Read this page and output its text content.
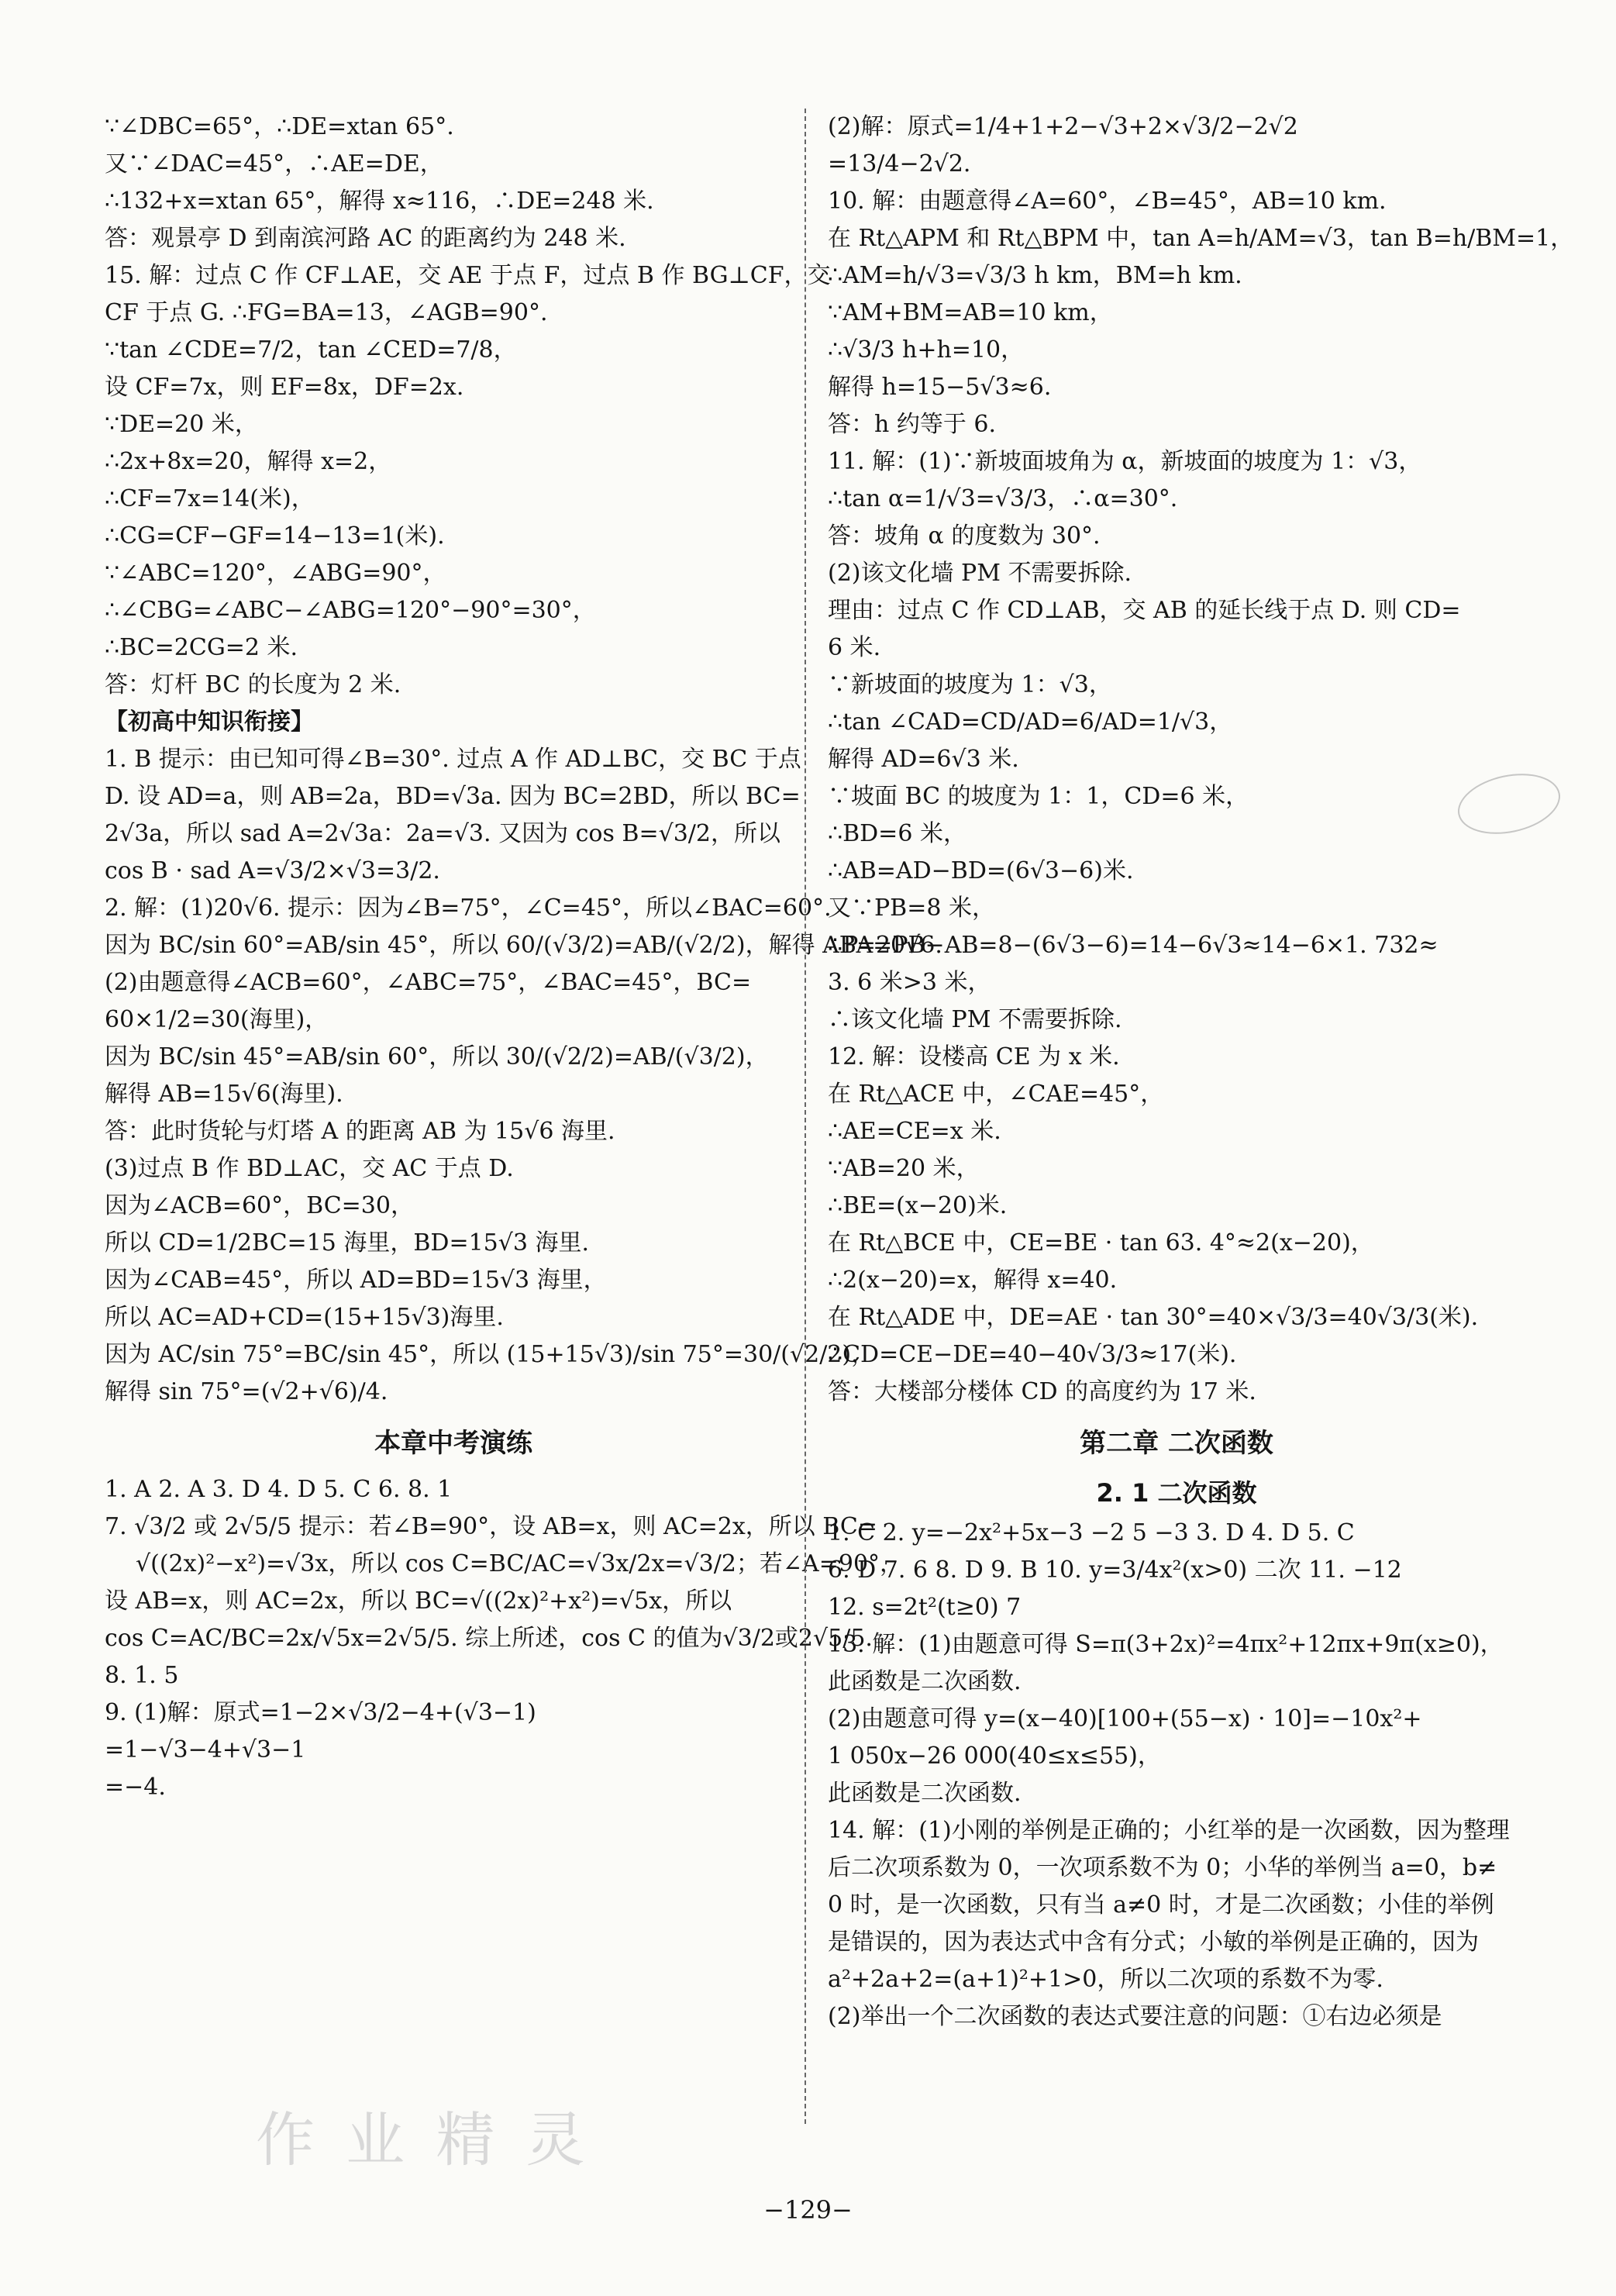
∵∠DBC=65°，∴DE=xtan 65°.
又∵∠DAC=45°，∴AE=DE，
∴132+x=xtan 65°，解得 x≈116，∴DE=248 米.
答：观景亭 D 到南滨河路 AC 的距离约为 248 米.
15. 解：过点 C 作 CF⊥AE，交 AE 于点 F，过点 B 作 BG⊥CF，交
CF 于点 G. ∴FG=BA=13，∠AGB=90°.
∵tan ∠CDE=7/2，tan ∠CED=7/8，
设 CF=7x，则 EF=8x，DF=2x.
∵DE=20 米，
∴2x+8x=20，解得 x=2，
∴CF=7x=14(米)，
∴CG=CF−GF=14−13=1(米).
∵∠ABC=120°，∠ABG=90°，
∴∠CBG=∠ABC−∠ABG=120°−90°=30°，
∴BC=2CG=2 米.
答：灯杆 BC 的长度为 2 米.
【初高中知识衔接】
1. B 提示：由已知可得∠B=30°. 过点 A 作 AD⊥BC，交 BC 于点
D. 设 AD=a，则 AB=2a，BD=√3a. 因为 BC=2BD，所以 BC=
2√3a，所以 sad A=2√3a：2a=√3. 又因为 cos B=√3/2，所以
cos B · sad A=√3/2×√3=3/2.
2. 解：(1)20√6. 提示：因为∠B=75°，∠C=45°，所以∠BAC=60°.
因为 BC/sin 60°=AB/sin 45°，所以 60/(√3/2)=AB/(√2/2)，解得 AB=20√6.
(2)由题意得∠ACB=60°，∠ABC=75°，∠BAC=45°，BC=
60×1/2=30(海里)，
因为 BC/sin 45°=AB/sin 60°，所以 30/(√2/2)=AB/(√3/2)，
解得 AB=15√6(海里).
答：此时货轮与灯塔 A 的距离 AB 为 15√6 海里.
(3)过点 B 作 BD⊥AC，交 AC 于点 D.
因为∠ACB=60°，BC=30，
所以 CD=1/2BC=15 海里，BD=15√3 海里.
因为∠CAB=45°，所以 AD=BD=15√3 海里，
所以 AC=AD+CD=(15+15√3)海里.
因为 AC/sin 75°=BC/sin 45°，所以 (15+15√3)/sin 75°=30/(√2/2)，
解得 sin 75°=(√2+√6)/4.
本章中考演练
1. A 2. A 3. D 4. D 5. C 6. 8. 1
7. √3/2 或 2√5/5 提示：若∠B=90°，设 AB=x，则 AC=2x，所以 BC=
√((2x)²−x²)=√3x，所以 cos C=BC/AC=√3x/2x=√3/2；若∠A=90°，
设 AB=x，则 AC=2x，所以 BC=√((2x)²+x²)=√5x，所以
cos C=AC/BC=2x/√5x=2√5/5. 综上所述，cos C 的值为√3/2或2√5/5.
8. 1. 5
9. (1)解：原式=1−2×√3/2−4+(√3−1)
=1−√3−4+√3−1
=−4.
(2)解：原式=1/4+1+2−√3+2×√3/2−2√2
=13/4−2√2.
10. 解：由题意得∠A=60°，∠B=45°，AB=10 km.
在 Rt△APM 和 Rt△BPM 中，tan A=h/AM=√3，tan B=h/BM=1，
∴AM=h/√3=√3/3 h km，BM=h km.
∵AM+BM=AB=10 km，
∴√3/3 h+h=10，
解得 h=15−5√3≈6.
答：h 约等于 6.
11. 解：(1)∵新坡面坡角为 α，新坡面的坡度为 1：√3，
∴tan α=1/√3=√3/3，∴α=30°.
答：坡角 α 的度数为 30°.
(2)该文化墙 PM 不需要拆除.
理由：过点 C 作 CD⊥AB，交 AB 的延长线于点 D. 则 CD=
6 米.
∵新坡面的坡度为 1：√3，
∴tan ∠CAD=CD/AD=6/AD=1/√3，
解得 AD=6√3 米.
∵坡面 BC 的坡度为 1：1，CD=6 米，
∴BD=6 米，
∴AB=AD−BD=(6√3−6)米.
又∵PB=8 米，
∴PA=PB−AB=8−(6√3−6)=14−6√3≈14−6×1. 732≈
3. 6 米>3 米，
∴该文化墙 PM 不需要拆除.
12. 解：设楼高 CE 为 x 米.
在 Rt△ACE 中，∠CAE=45°，
∴AE=CE=x 米.
∵AB=20 米，
∴BE=(x−20)米.
在 Rt△BCE 中，CE=BE · tan 63. 4°≈2(x−20)，
∴2(x−20)=x，解得 x=40.
在 Rt△ADE 中，DE=AE · tan 30°=40×√3/3=40√3/3(米).
∴CD=CE−DE=40−40√3/3≈17(米).
答：大楼部分楼体 CD 的高度约为 17 米.
第二章 二次函数
2. 1 二次函数
1. C 2. y=−2x²+5x−3 −2 5 −3 3. D 4. D 5. C
6. D 7. 6 8. D 9. B 10. y=3/4x²(x>0) 二次 11. −12
12. s=2t²(t≥0) 7
13. 解：(1)由题意可得 S=π(3+2x)²=4πx²+12πx+9π(x≥0)，
此函数是二次函数.
(2)由题意可得 y=(x−40)[100+(55−x) · 10]=−10x²+
1 050x−26 000(40≤x≤55)，
此函数是二次函数.
14. 解：(1)小刚的举例是正确的；小红举的是一次函数，因为整理
后二次项系数为 0，一次项系数不为 0；小华的举例当 a=0，b≠
0 时，是一次函数，只有当 a≠0 时，才是二次函数；小佳的举例
是错误的，因为表达式中含有分式；小敏的举例是正确的，因为
a²+2a+2=(a+1)²+1>0，所以二次项的系数不为零.
(2)举出一个二次函数的表达式要注意的问题：①右边必须是
作 业 精 灵
−129−
